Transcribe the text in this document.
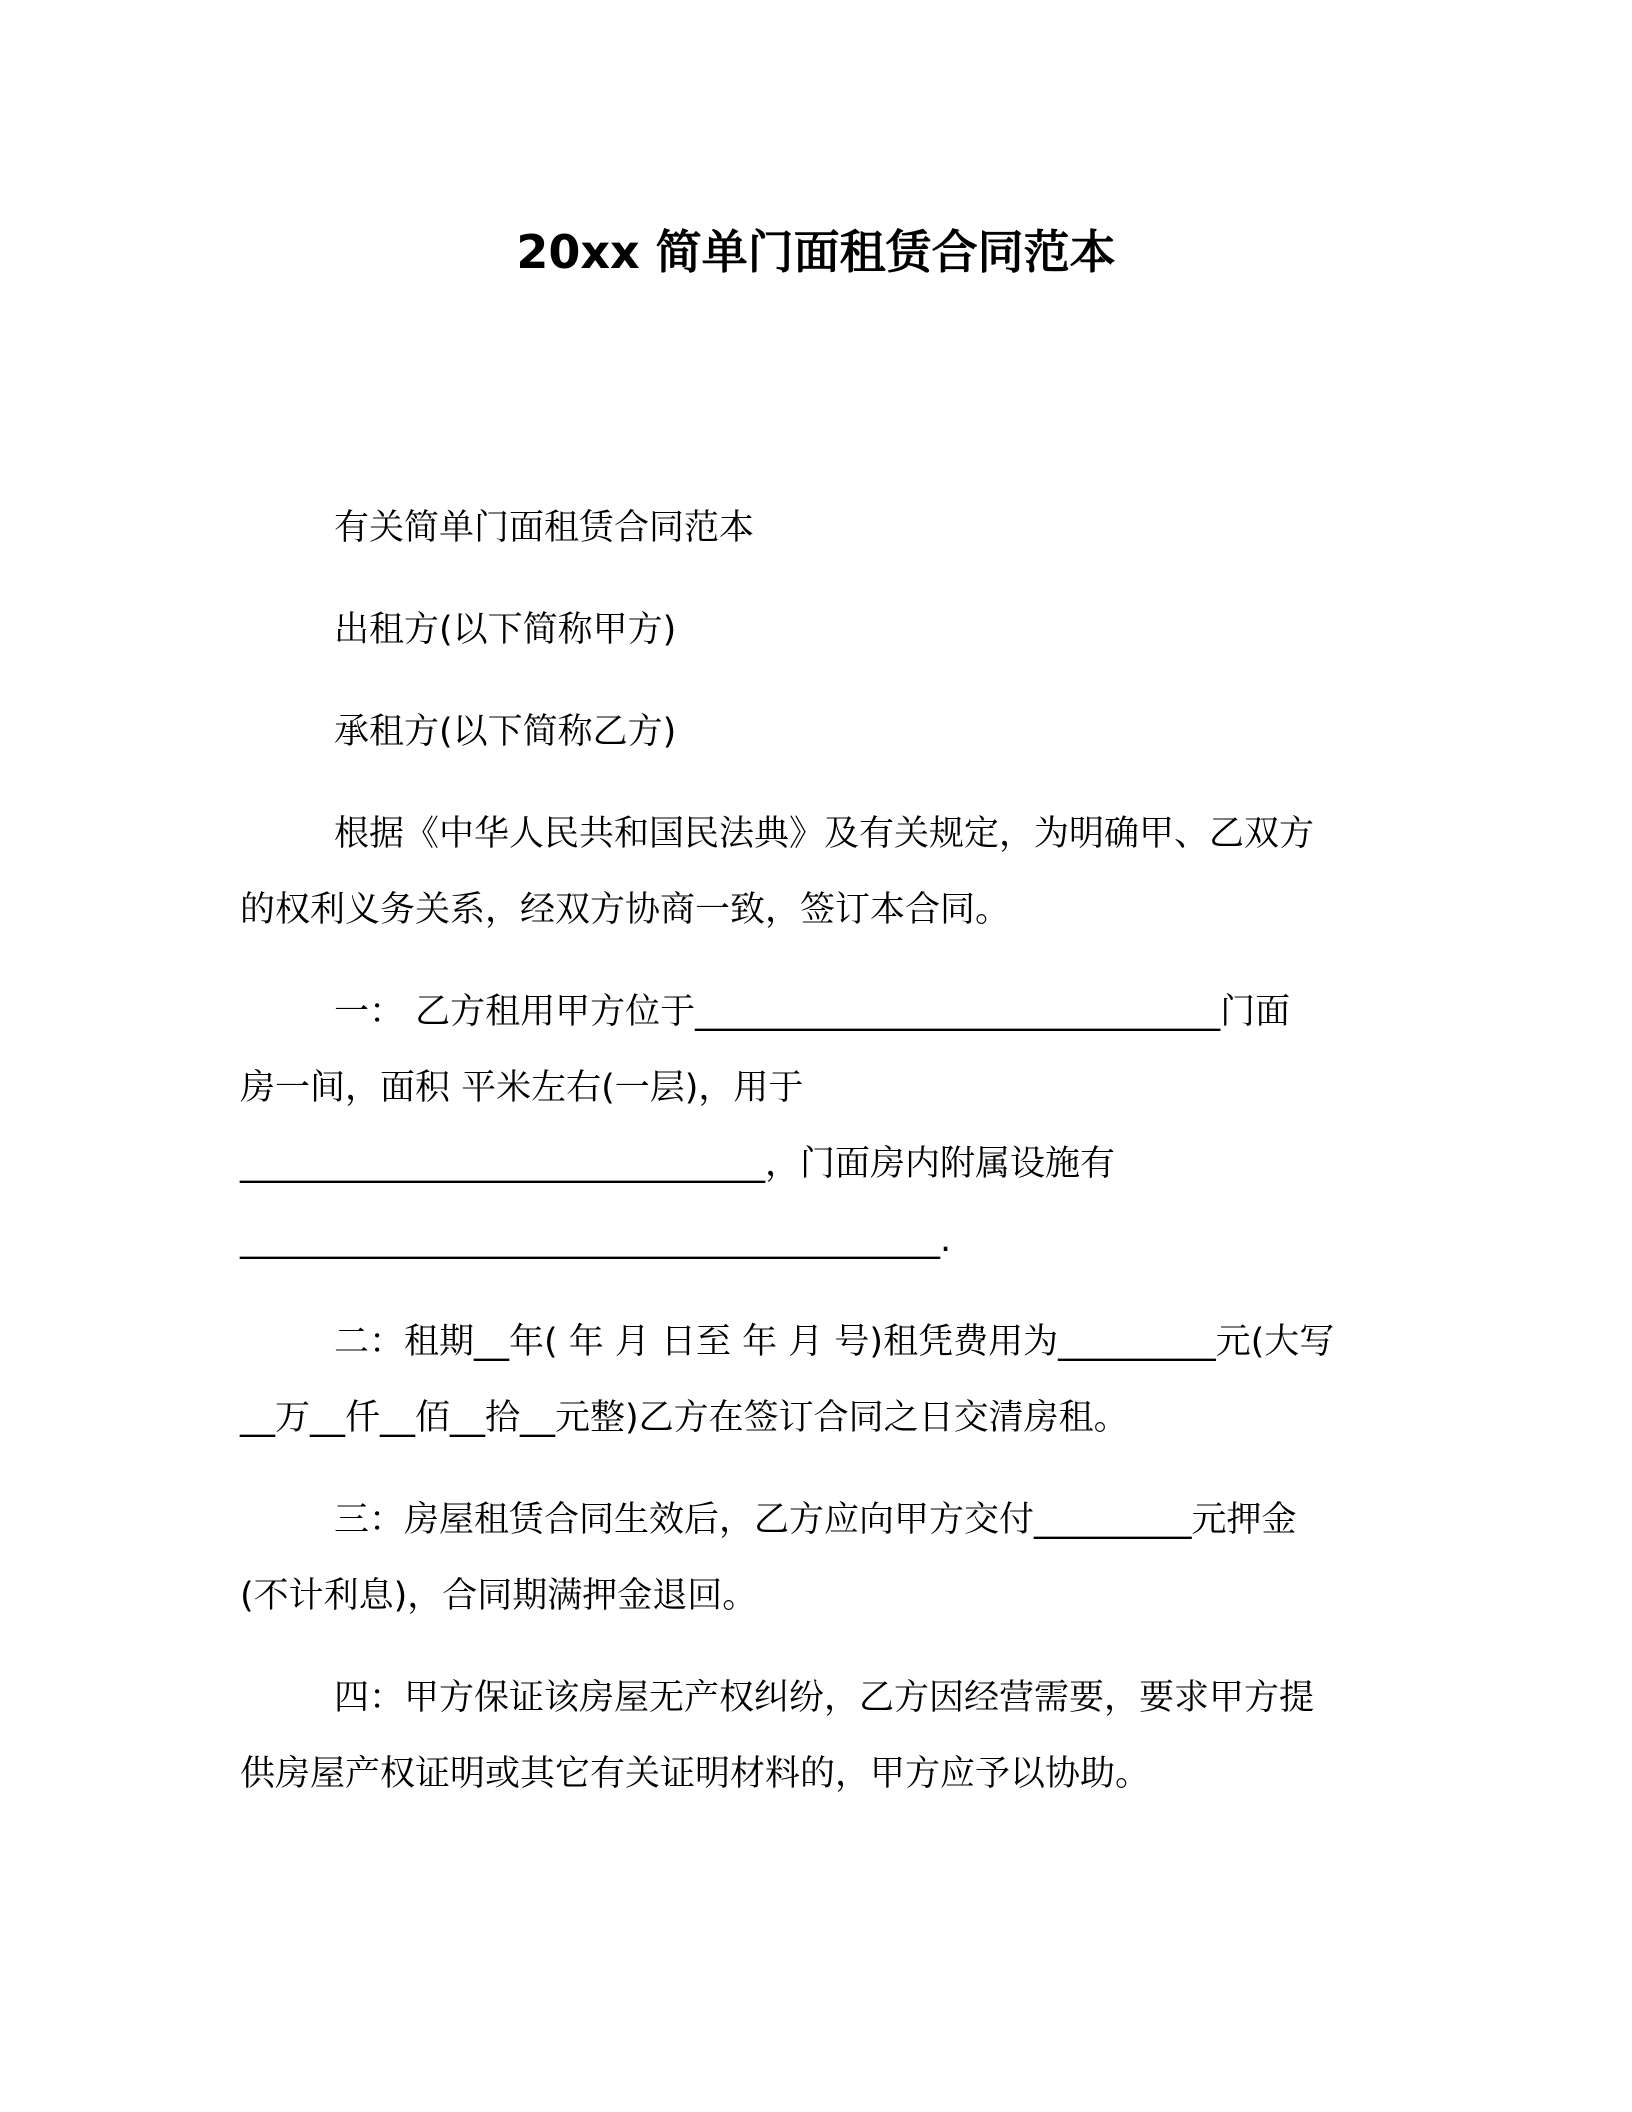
20xx 简单门面租赁合同范本
有关简单门面租赁合同范本
出租方(以下简称甲方)
承租方(以下简称乙方)
根据《中华人民共和国民法典》及有关规定，为明确甲、乙双方
的权利义务关系，经双方协商一致，签订本合同。
一： 乙方租用甲方位于______________________________门面
房一间，面积 平米左右(一层)，用于
______________________________，门面房内附属设施有
________________________________________.
二：租期__年( 年 月 日至 年 月 号)租凭费用为_________元(大写
__万__仟__佰__拾__元整)乙方在签订合同之日交清房租。
三：房屋租赁合同生效后，乙方应向甲方交付_________元押金
(不计利息)，合同期满押金退回。
四：甲方保证该房屋无产权纠纷，乙方因经营需要，要求甲方提
供房屋产权证明或其它有关证明材料的，甲方应予以协助。
